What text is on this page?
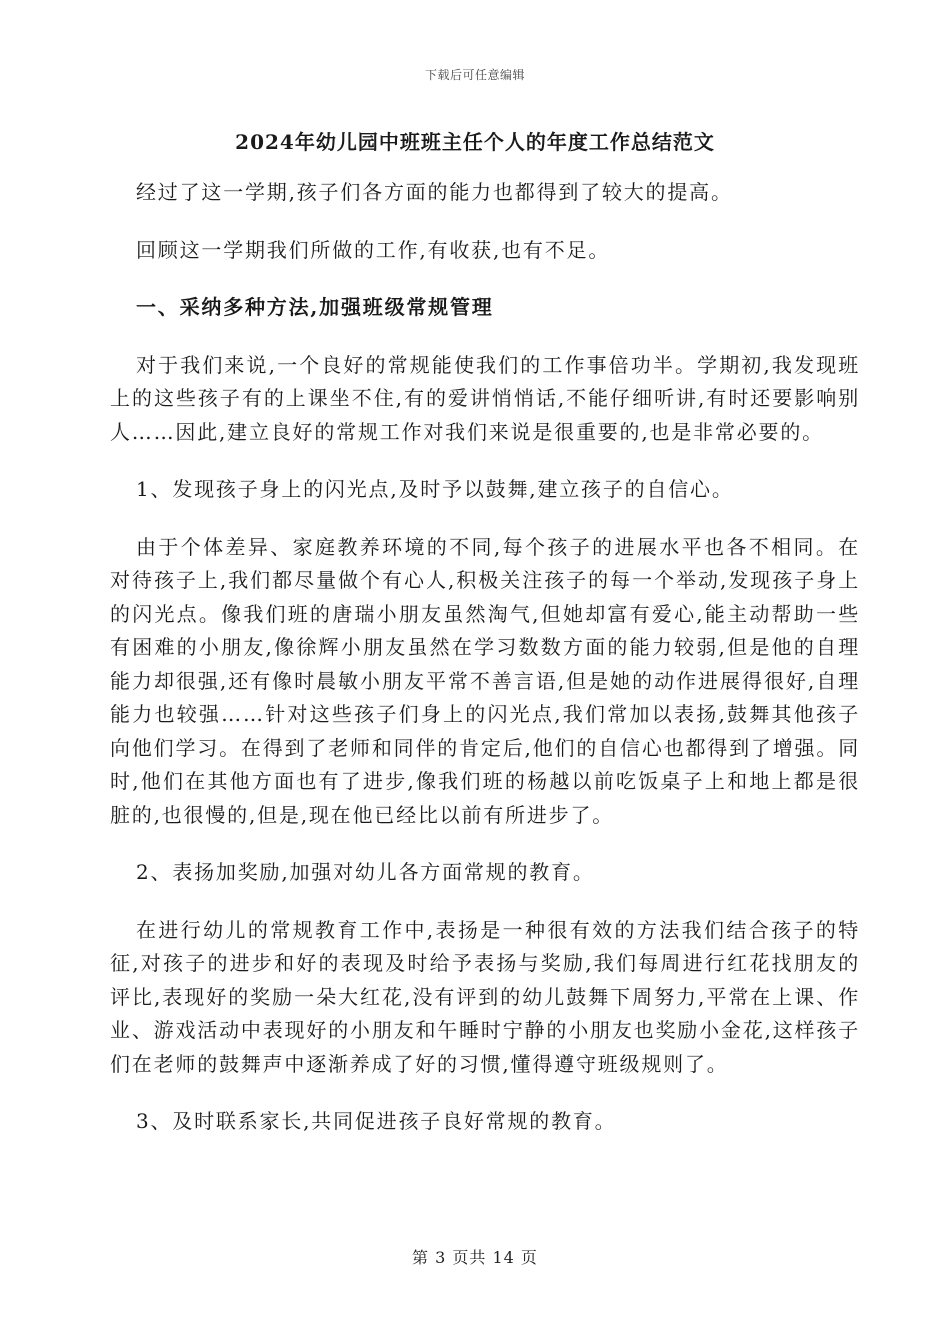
下载后可任意编辑
2024年幼儿园中班班主任个人的年度工作总结范文

经过了这一学期,孩子们各方面的能力也都得到了较大的提高。

回顾这一学期我们所做的工作,有收获,也有不足。

一、采纳多种方法,加强班级常规管理

对于我们来说,一个良好的常规能使我们的工作事倍功半。学期初,我发现班上的这些孩子有的上课坐不住,有的爱讲悄悄话,不能仔细听讲,有时还要影响别人……因此,建立良好的常规工作对我们来说是很重要的,也是非常必要的。

1、发现孩子身上的闪光点,及时予以鼓舞,建立孩子的自信心。

由于个体差异、家庭教养环境的不同,每个孩子的进展水平也各不相同。在对待孩子上,我们都尽量做个有心人,积极关注孩子的每一个举动,发现孩子身上的闪光点。像我们班的唐瑞小朋友虽然淘气,但她却富有爱心,能主动帮助一些有困难的小朋友,像徐辉小朋友虽然在学习数数方面的能力较弱,但是他的自理能力却很强,还有像时晨敏小朋友平常不善言语,但是她的动作进展得很好,自理能力也较强……针对这些孩子们身上的闪光点,我们常加以表扬,鼓舞其他孩子向他们学习。在得到了老师和同伴的肯定后,他们的自信心也都得到了增强。同时,他们在其他方面也有了进步,像我们班的杨越以前吃饭桌子上和地上都是很脏的,也很慢的,但是,现在他已经比以前有所进步了。

2、表扬加奖励,加强对幼儿各方面常规的教育。

在进行幼儿的常规教育工作中,表扬是一种很有效的方法我们结合孩子的特征,对孩子的进步和好的表现及时给予表扬与奖励,我们每周进行红花找朋友的评比,表现好的奖励一朵大红花,没有评到的幼儿鼓舞下周努力,平常在上课、作业、游戏活动中表现好的小朋友和午睡时宁静的小朋友也奖励小金花,这样孩子们在老师的鼓舞声中逐渐养成了好的习惯,懂得遵守班级规则了。

3、及时联系家长,共同促进孩子良好常规的教育。

第 3 页共 14 页
